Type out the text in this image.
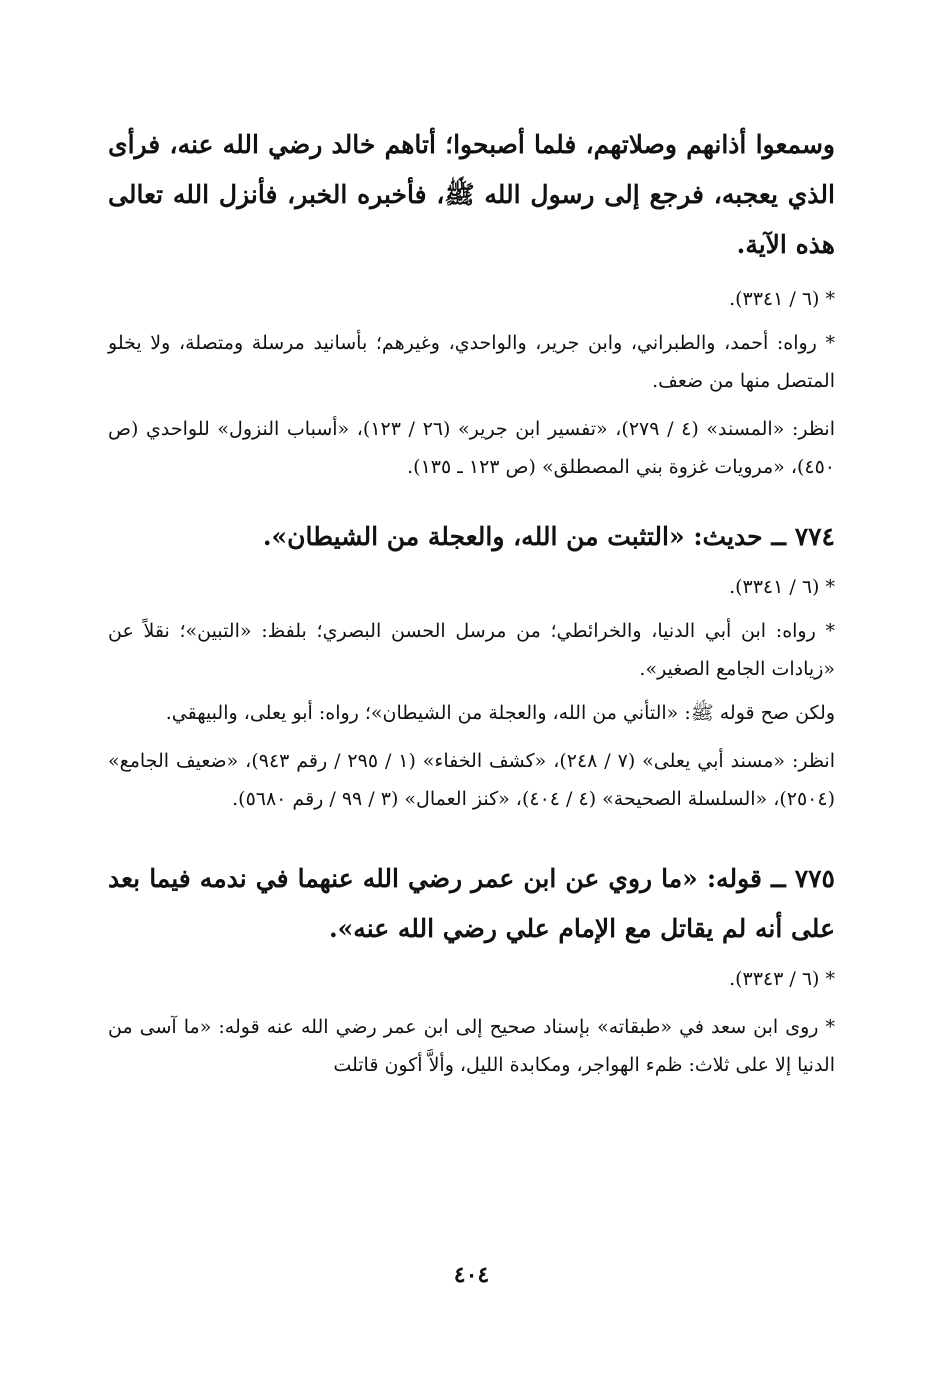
وسمعوا أذانهم وصلاتهم، فلما أصبحوا؛ أتاهم خالد رضي الله عنه، فرأى الذي يعجبه، فرجع إلى رسول الله ﷺ، فأخبره الخبر، فأنزل الله تعالى هذه الآية.

* (٦ / ٣٣٤١).

* رواه: أحمد، والطبراني، وابن جرير، والواحدي، وغيرهم؛ بأسانيد مرسلة ومتصلة، ولا يخلو المتصل منها من ضعف.

انظر: «المسند» (٤ / ٢٧٩)، «تفسير ابن جرير» (٢٦ / ١٢٣)، «أسباب النزول» للواحدي (ص ٤٥٠)، «مرويات غزوة بني المصطلق» (ص ١٢٣ ـ ١٣٥).

٧٧٤ ــ حديث: «التثبت من الله، والعجلة من الشيطان».

* (٦ / ٣٣٤١).

* رواه: ابن أبي الدنيا، والخرائطي؛ من مرسل الحسن البصري؛ بلفظ: «التبين»؛ نقلاً عن «زيادات الجامع الصغير».

ولكن صح قوله ﷺ: «التأني من الله، والعجلة من الشيطان»؛ رواه: أبو يعلى، والبيهقي.

انظر: «مسند أبي يعلى» (٧ / ٢٤٨)، «كشف الخفاء» (١ / ٢٩٥ / رقم ٩٤٣)، «ضعيف الجامع» (٢٥٠٤)، «السلسلة الصحيحة» (٤ / ٤٠٤)، «كنز العمال» (٣ / ٩٩ / رقم ٥٦٨٠).

٧٧٥ ــ قوله: «ما روي عن ابن عمر رضي الله عنهما في ندمه فيما بعد على أنه لم يقاتل مع الإمام علي رضي الله عنه».

* (٦ / ٣٣٤٣).

* روى ابن سعد في «طبقاته» بإسناد صحيح إلى ابن عمر رضي الله عنه قوله: «ما آسى من الدنيا إلا على ثلاث: ظمء الهواجر، ومكابدة الليل، وألاَّ أكون قاتلت

٤٠٤
